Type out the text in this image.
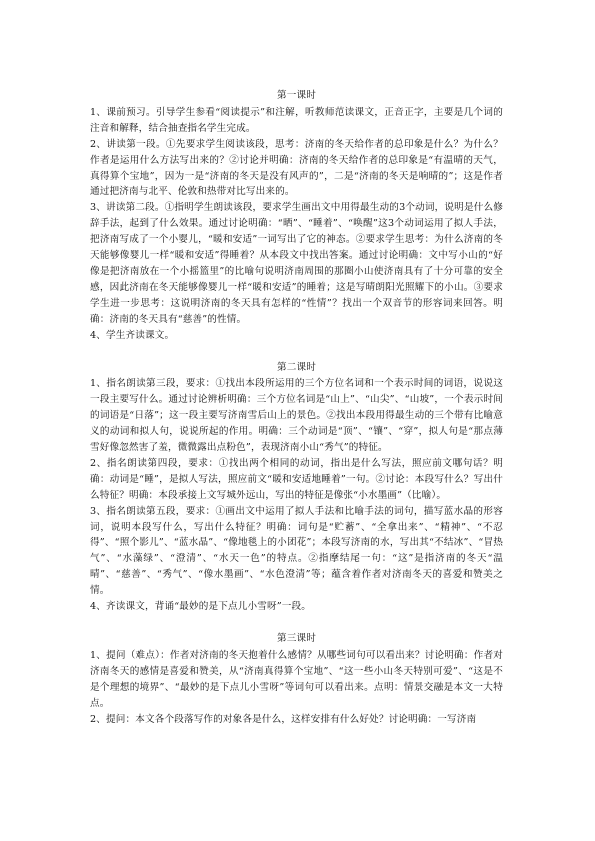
第一课时

1、课前预习。引导学生参看“阅读提示”和注解，听教师范读课文，正音正字，主要是几个词的注音和解释，结合抽查指名学生完成。

2、讲读第一段。①先要求学生阅读该段，思考：济南的冬天给作者的总印象是什么？为什么？作者是运用什么方法写出来的？②讨论并明确：济南的冬天给作者的总印象是“有温晴的天气，真得算个宝地”，因为一是“济南的冬天是没有风声的”，二是“济南的冬天是响晴的”；这是作者通过把济南与北平、伦敦和热带对比写出来的。

3、讲读第二段。①指明学生朗读该段，要求学生画出文中用得最生动的3个动词，说明是什么修辞手法，起到了什么效果。通过讨论明确：“晒”、“睡着”、“唤醒”这3个动词运用了拟人手法，把济南写成了一个小婴儿，“暖和安适”一词写出了它的神态。②要求学生思考：为什么济南的冬天能够像婴儿一样“暖和安适”得睡着？从本段文中找出答案。通过讨论明确：文中写小山的“好像是把济南放在一个小摇篮里”的比喻句说明济南周围的那圈小山使济南具有了十分可靠的安全感，因此济南在冬天能够像婴儿一样“暖和安适”的睡着；这是写晴朗阳光照耀下的小山。③要求学生进一步思考：这说明济南的冬天具有怎样的“性情”？找出一个双音节的形容词来回答。明确：济南的冬天具有“慈善”的性情。

4、学生齐读课文。

第二课时

1、指名朗读第三段，要求：①找出本段所运用的三个方位名词和一个表示时间的词语，说说这一段主要写什么。通过讨论辨析明确：三个方位名词是“山上”、“山尖”、“山坡”，一个表示时间的词语是“日落”；这一段主要写济南雪后山上的景色。②找出本段用得最生动的三个带有比喻意义的动词和拟人句，说说所起的作用。明确：三个动词是“顶”、“镶”、“穿”，拟人句是“那点薄雪好像忽然害了羞，微微露出点粉色”，表现济南小山“秀气”的特征。

2、指名朗读第四段，要求：①找出两个相同的动词，指出是什么写法，照应前文哪句话？明确：动词是“睡”，是拟人写法，照应前文“暖和安适地睡着”一句。②讨论：本段写什么？写出什么特征？明确：本段承接上文写城外远山，写出的特征是像张“小水墨画”（比喻）。

3、指名朗读第五段，要求：①画出文中运用了拟人手法和比喻手法的词句，描写蓝水晶的形容词，说明本段写什么，写出什么特征？明确：词句是“贮蓄”、“全拿出来”、“精神”、“不忍得”、“照个影儿”、“蓝水晶”、“像地毯上的小团花”；本段写济南的水，写出其“不结冰”、“冒热气”、“水藻绿”、“澄清”、“水天一色”的特点。②指摩结尾一句：“这”是指济南的冬天“温晴”、“慈善”、“秀气”、“像水墨画”、“水色澄清”等；蕴含着作者对济南冬天的喜爱和赞美之情。

4、齐读课文，背诵“最妙的是下点儿小雪呀”一段。

第三课时

1、提问（难点）：作者对济南的冬天抱着什么感情？从哪些词句可以看出来？讨论明确：作者对济南冬天的感情是喜爱和赞美，从“济南真得算个宝地”、“这一些小山冬天特别可爱”、“这是不是个理想的境界”、“最妙的是下点儿小雪呀”等词句可以看出来。点明：情景交融是本文一大特点。

2、提问：本文各个段落写作的对象各是什么，这样安排有什么好处？讨论明确：一写济南
